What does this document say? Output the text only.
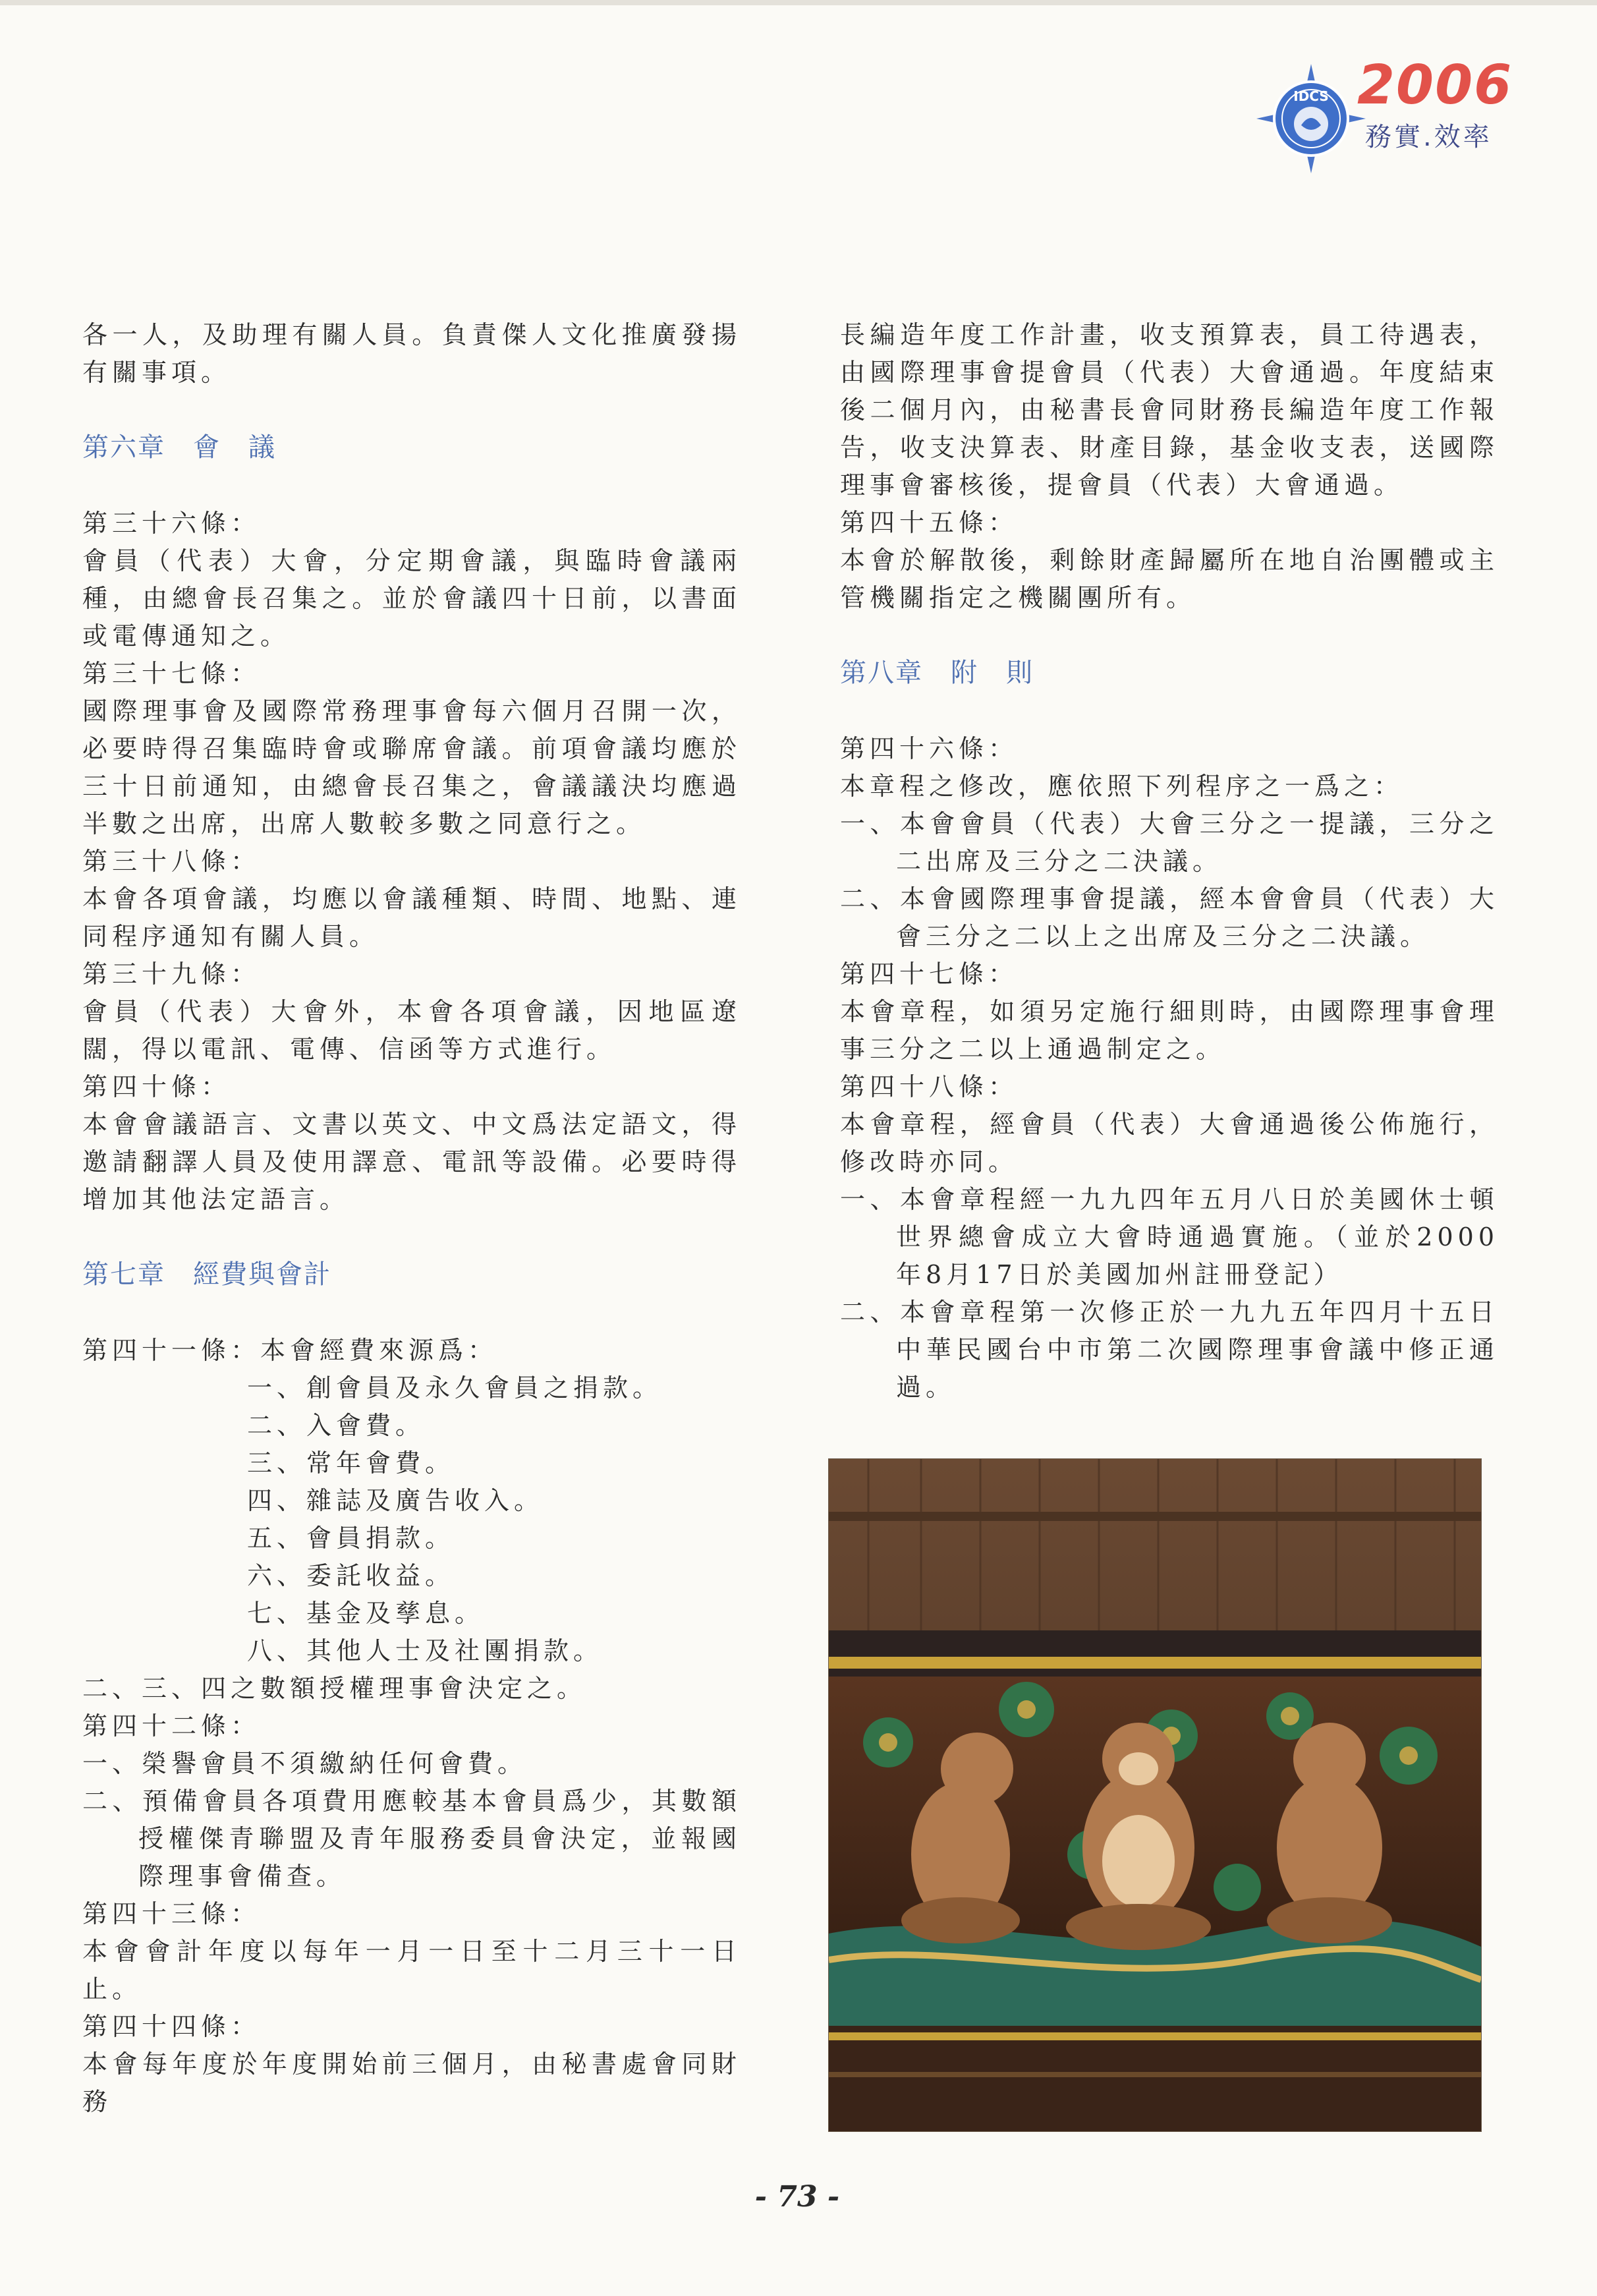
IDCS 2006
務實.效率
各一人，及助理有關人員。負責傑人文化推廣發揚有關事項。
第六章　會　議
第三十六條：
會員（代表）大會，分定期會議，與臨時會議兩種，由總會長召集之。並於會議四十日前，以書面或電傳通知之。
第三十七條：
國際理事會及國際常務理事會每六個月召開一次，必要時得召集臨時會或聯席會議。前項會議均應於三十日前通知，由總會長召集之，會議議決均應過半數之出席，出席人數較多數之同意行之。
第三十八條：
本會各項會議，均應以會議種類、時間、地點、連同程序通知有關人員。
第三十九條：
會員（代表）大會外，本會各項會議，因地區遼闊，得以電訊、電傳、信函等方式進行。
第四十條：
本會會議語言、文書以英文、中文爲法定語文，得邀請翻譯人員及使用譯意、電訊等設備。必要時得增加其他法定語言。
第七章　經費與會計
第四十一條：本會經費來源爲：
一、創會員及永久會員之捐款。
二、入會費。
三、常年會費。
四、雜誌及廣告收入。
五、會員捐款。
六、委託收益。
七、基金及孳息。
八、其他人士及社團捐款。
二、三、四之數額授權理事會決定之。
第四十二條：
一、榮譽會員不須繳納任何會費。
二、預備會員各項費用應較基本會員爲少，其數額授權傑青聯盟及青年服務委員會決定，並報國際理事會備查。
第四十三條：
本會會計年度以每年一月一日至十二月三十一日止。
第四十四條：
本會每年度於年度開始前三個月，由秘書處會同財務
長編造年度工作計畫，收支預算表，員工待遇表，由國際理事會提會員（代表）大會通過。年度結束後二個月內，由秘書長會同財務長編造年度工作報告，收支決算表、財產目錄，基金收支表，送國際理事會審核後，提會員（代表）大會通過。
第四十五條：
本會於解散後，剩餘財產歸屬所在地自治團體或主管機關指定之機關團所有。
第八章　附　則
第四十六條：
本章程之修改，應依照下列程序之一爲之：
一、本會會員（代表）大會三分之一提議，三分之二出席及三分之二決議。
二、本會國際理事會提議，經本會會員（代表）大會三分之二以上之出席及三分之二決議。
第四十七條：
本會章程，如須另定施行細則時，由國際理事會理事三分之二以上通過制定之。
第四十八條：
本會章程，經會員（代表）大會通過後公佈施行，修改時亦同。
一、本會章程經一九九四年五月八日於美國休士頓世界總會成立大會時通過實施。（並於2000年8月17日於美國加州註冊登記）
二、本會章程第一次修正於一九九五年四月十五日中華民國台中市第二次國際理事會議中修正通過。
- 73 -
